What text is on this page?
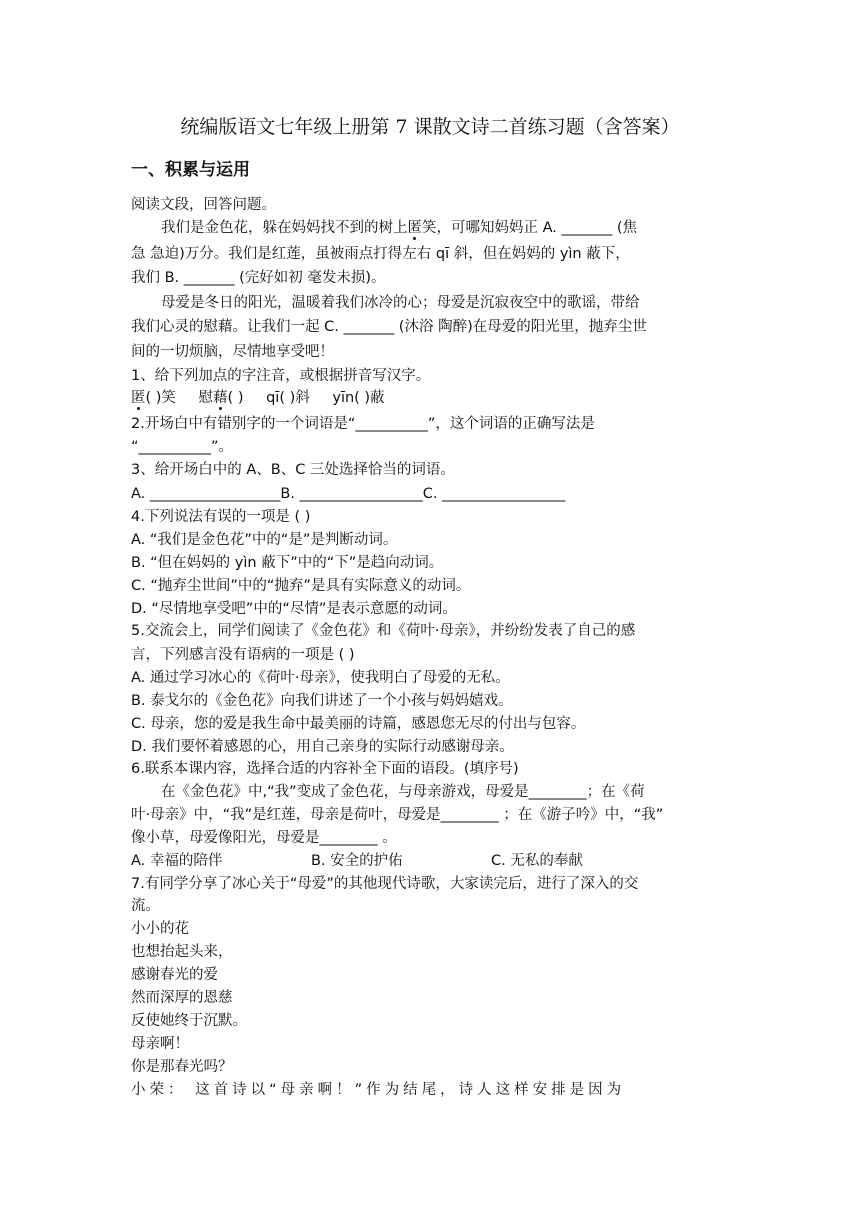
统编版语文七年级上册第 7 课散文诗二首练习题（含答案）
一、积累与运用
阅读文段，回答问题。
我们是金色花，躲在妈妈找不到的树上匿笑，可哪知妈妈正 A. _______ (焦
急 急迫)万分。我们是红莲，虽被雨点打得左右 qī 斜，但在妈妈的 yìn 蔽下，
我们 B. _______ (完好如初 毫发未损)。
母爱是冬日的阳光，温暖着我们冰冷的心；母爱是沉寂夜空中的歌谣，带给
我们心灵的慰藉。让我们一起 C. _______ (沐浴 陶醉)在母爱的阳光里，抛弃尘世
间的一切烦脑，尽情地享受吧！
1、给下列加点的字注音，或根据拼音写汉字。
匿( )笑 慰藉( ) qī( )斜 yīn( )蔽
2.开场白中有错别字的一个词语是“__________”，这个词语的正确写法是
“__________”。
3、给开场白中的 A、B、C 三处选择恰当的词语。
A. __________________B. _________________C. _________________
4.下列说法有误的一项是 ( )
A. “我们是金色花”中的“是”是判断动词。
B. “但在妈妈的 yìn 蔽下”中的“下”是趋向动词。
C. “抛弃尘世间”中的“抛弃”是具有实际意义的动词。
D. “尽情地享受吧”中的“尽情”是表示意愿的动词。
5.交流会上，同学们阅读了《金色花》和《荷叶·母亲》，并纷纷发表了自己的感
言，下列感言没有语病的一项是 ( )
A. 通过学习冰心的《荷叶·母亲》，使我明白了母爱的无私。
B. 泰戈尔的《金色花》向我们讲述了一个小孩与妈妈嬉戏。
C. 母亲，您的爱是我生命中最美丽的诗篇，感恩您无尽的付出与包容。
D. 我们要怀着感恩的心，用自己亲身的实际行动感谢母亲。
6.联系本课内容，选择合适的内容补全下面的语段。(填序号)
在《金色花》中,“我”变成了金色花，与母亲游戏，母爱是________；在《荷
叶·母亲》中，“我”是红莲，母亲是荷叶，母爱是________ ；在《游子吟》中，“我”
像小草，母爱像阳光，母爱是________ 。
A. 幸福的陪伴	B. 安全的护佑	C. 无私的奉献
7.有同学分享了冰心关于“母爱”的其他现代诗歌，大家读完后，进行了深入的交
流。
小小的花
也想抬起头来，
感谢春光的爱
然而深厚的恩慈
反使她终于沉默。
母亲啊！
你是那春光吗？
小荣： 这首诗以“母亲啊！”作为结尾，诗人这样安排是因为
